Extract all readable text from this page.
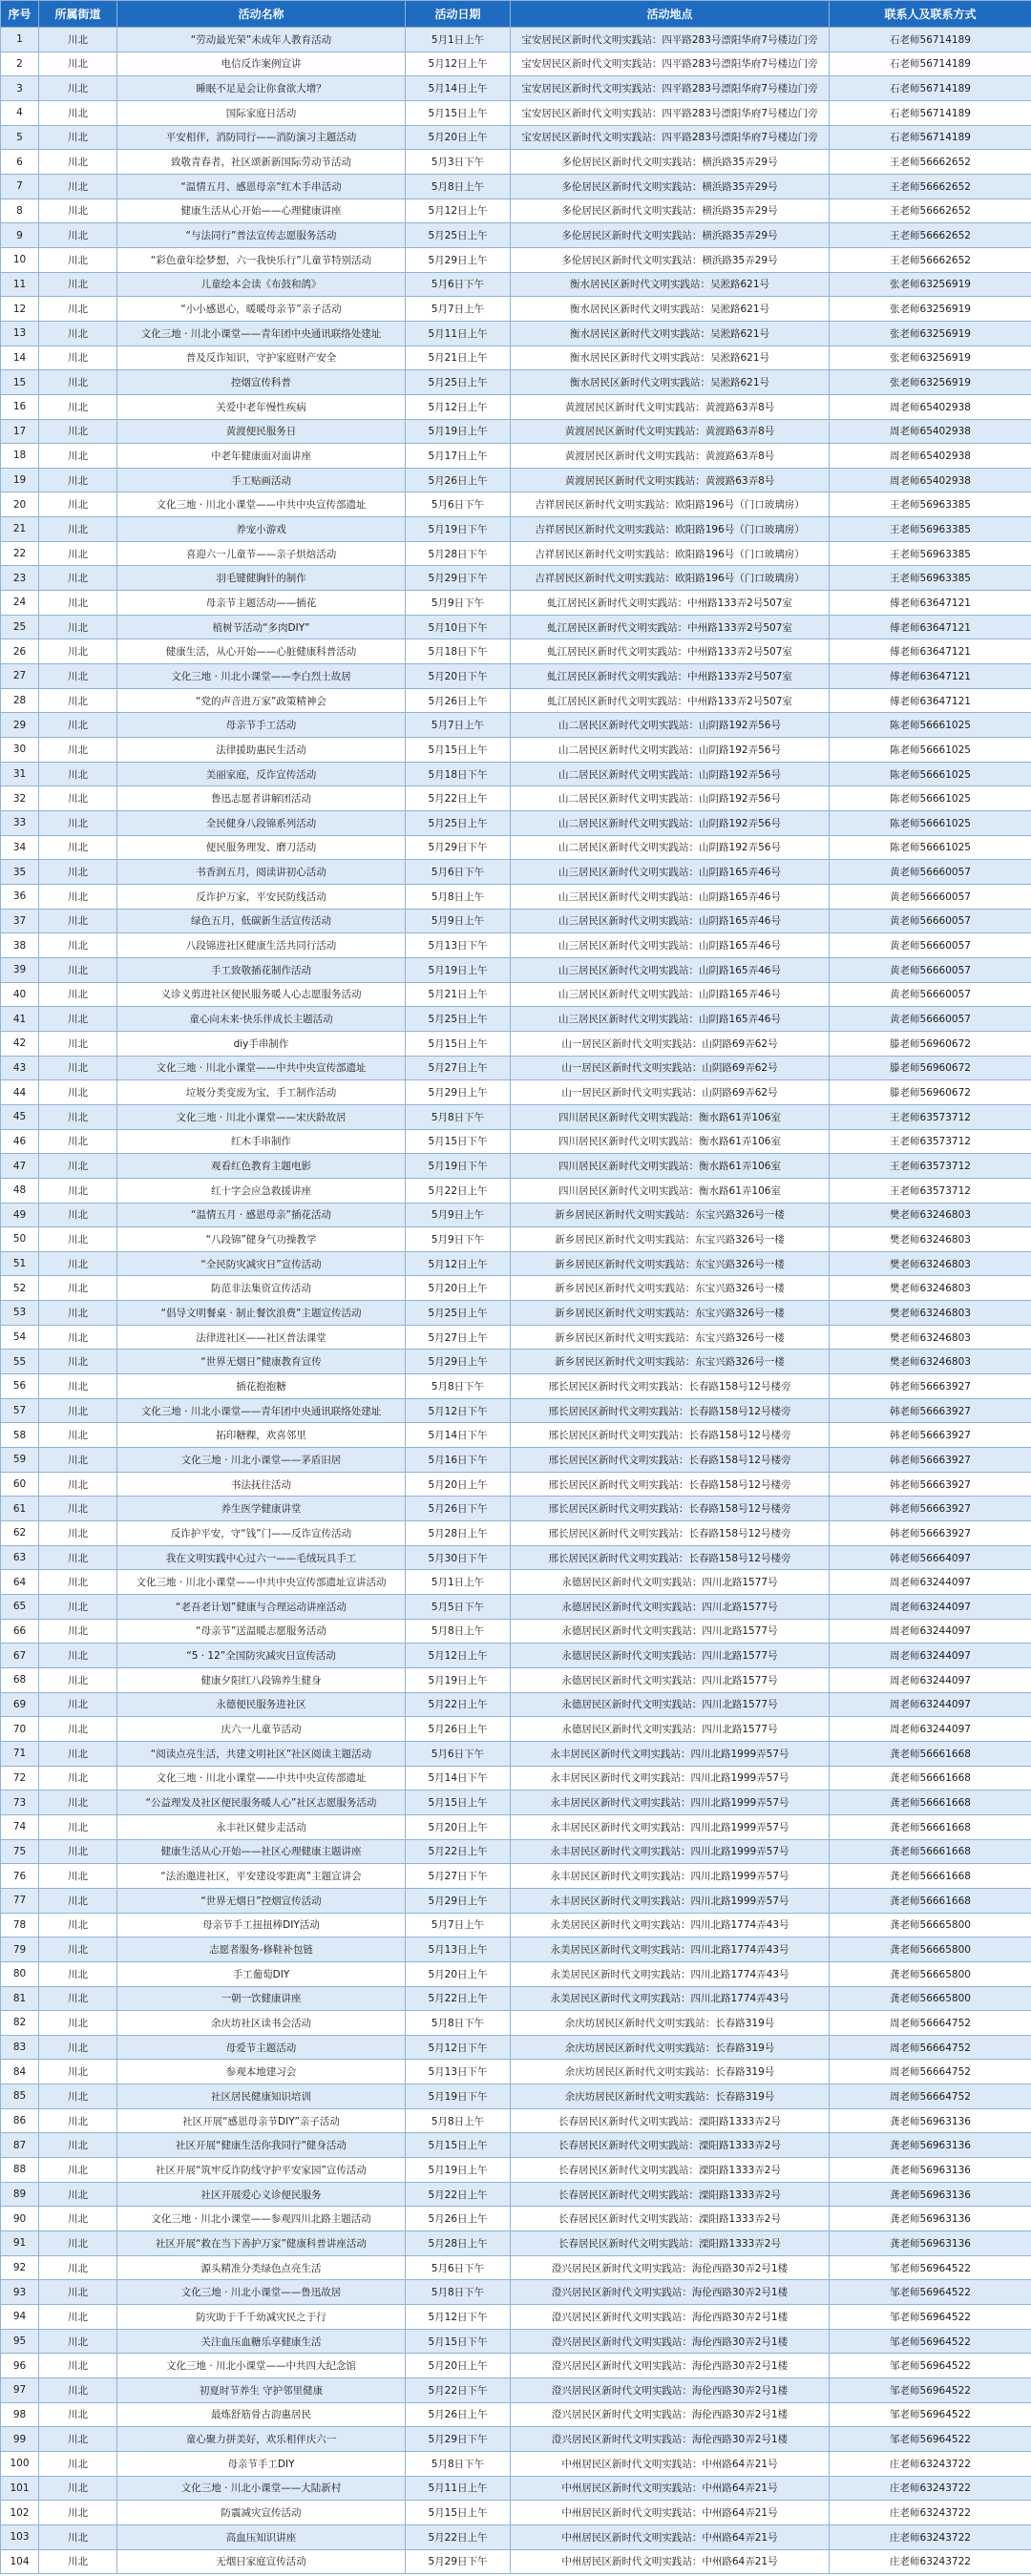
序号	所属街道	活动名称	活动日期	活动地点	联系人及联系方式
1	川北	“劳动最光荣”未成年人教育活动	5月1日上午	宝安居民区新时代文明实践站：四平路283号漂阳华府7号楼边门旁	石老师56714189
2	川北	电信反诈案例宣讲	5月12日上午	宝安居民区新时代文明实践站：四平路283号漂阳华府7号楼边门旁	石老师56714189
3	川北	睡眠不足是会让你食欲大增？	5月14日上午	宝安居民区新时代文明实践站：四平路283号漂阳华府7号楼边门旁	石老师56714189
4	川北	国际家庭日活动	5月15日上午	宝安居民区新时代文明实践站：四平路283号漂阳华府7号楼边门旁	石老师56714189
5	川北	平安相伴，消防同行——消防演习主题活动	5月20日上午	宝安居民区新时代文明实践站：四平路283号漂阳华府7号楼边门旁	石老师56714189
6	川北	致敬青春者，社区颂新新国际劳动节活动	5月3日下午	多伦居民区新时代文明实践站：横浜路35弄29号	王老师56662652
7	川北	“温情五月、感恩母亲”红木手串活动	5月8日上午	多伦居民区新时代文明实践站：横浜路35弄29号	王老师56662652
8	川北	健康生活从心开始——心理健康讲座	5月12日上午	多伦居民区新时代文明实践站：横浜路35弄29号	王老师56662652
9	川北	“与法同行”普法宣传志愿服务活动	5月25日上午	多伦居民区新时代文明实践站：横浜路35弄29号	王老师56662652
10	川北	“彩色童年绘梦想，六一我快乐行”儿童节特别活动	5月29日上午	多伦居民区新时代文明实践站：横浜路35弄29号	王老师56662652
11	川北	儿童绘本会读《布鼓和鸽》	5月6日下午	衡水居民区新时代文明实践站：吴淞路621号	张老师63256919
12	川北	“小小感恩心，暖暖母亲节”亲子活动	5月7日上午	衡水居民区新时代文明实践站：吴淞路621号	张老师63256919
13	川北	文化三地 · 川北小课堂——青年团中央通讯联络处建址	5月11日上午	衡水居民区新时代文明实践站：吴淞路621号	张老师63256919
14	川北	普及反诈知识，守护家庭财产安全	5月21日上午	衡水居民区新时代文明实践站：吴淞路621号	张老师63256919
15	川北	控烟宣传科普	5月25日上午	衡水居民区新时代文明实践站：吴淞路621号	张老师63256919
16	川北	关爱中老年慢性疾病	5月12日上午	黄渡居民区新时代文明实践站：黄渡路63弄8号	周老师65402938
17	川北	黄渡便民服务日	5月19日上午	黄渡居民区新时代文明实践站：黄渡路63弄8号	周老师65402938
18	川北	中老年健康面对面讲座	5月17日上午	黄渡居民区新时代文明实践站：黄渡路63弄8号	周老师65402938
19	川北	手工贴画活动	5月26日上午	黄渡居民区新时代文明实践站：黄渡路63弄8号	周老师65402938
20	川北	文化三地 · 川北小课堂——中共中央宣传部遗址	5月6日下午	吉祥居民区新时代文明实践站：欧阳路196号（门口玻璃房）	王老师56963385
21	川北	养宠小游戏	5月19日下午	吉祥居民区新时代文明实践站：欧阳路196号（门口玻璃房）	王老师56963385
22	川北	喜迎六一儿童节——亲子烘焙活动	5月28日下午	吉祥居民区新时代文明实践站：欧阳路196号（门口玻璃房）	王老师56963385
23	川北	羽毛键健胸针的制作	5月29日下午	吉祥居民区新时代文明实践站：欧阳路196号（门口玻璃房）	王老师56963385
24	川北	母亲节主题活动——插花	5月9日下午	虬江居民区新时代文明实践站：中州路133弄2号507室	傅老师63647121
25	川北	植树节活动“多肉DIY”	5月10日下午	虬江居民区新时代文明实践站：中州路133弄2号507室	傅老师63647121
26	川北	健康生活，从心开始——心脏健康科普活动	5月18日下午	虬江居民区新时代文明实践站：中州路133弄2号507室	傅老师63647121
27	川北	文化三地 · 川北小课堂——李白烈士故居	5月20日下午	虬江居民区新时代文明实践站：中州路133弄2号507室	傅老师63647121
28	川北	“党的声音进万家”政策精神会	5月26日上午	虬江居民区新时代文明实践站：中州路133弄2号507室	傅老师63647121
29	川北	母亲节手工活动	5月7日上午	山二居民区新时代文明实践站：山阴路192弄56号	陈老师56661025
30	川北	法律援助惠民生活动	5月15日上午	山二居民区新时代文明实践站：山阴路192弄56号	陈老师56661025
31	川北	美丽家庭，反诈宣传活动	5月18日下午	山二居民区新时代文明实践站：山阴路192弄56号	陈老师56661025
32	川北	鲁迅志愿者讲解团活动	5月22日上午	山二居民区新时代文明实践站：山阴路192弄56号	陈老师56661025
33	川北	全民健身八段锦系列活动	5月25日上午	山二居民区新时代文明实践站：山阴路192弄56号	陈老师56661025
34	川北	便民服务理发、磨刀活动	5月29日下午	山二居民区新时代文明实践站：山阴路192弄56号	陈老师56661025
35	川北	书香润五月，阅读讲初心活动	5月6日下午	山三居民区新时代文明实践站：山阴路165弄46号	黄老师56660057
36	川北	反诈护万家，平安民防线活动	5月8日上午	山三居民区新时代文明实践站：山阴路165弄46号	黄老师56660057
37	川北	绿色五月，低碳新生活宣传活动	5月9日上午	山三居民区新时代文明实践站：山阴路165弄46号	黄老师56660057
38	川北	八段锦进社区健康生活共同行活动	5月13日下午	山三居民区新时代文明实践站：山阴路165弄46号	黄老师56660057
39	川北	手工致敬插花制作活动	5月19日上午	山三居民区新时代文明实践站：山阴路165弄46号	黄老师56660057
40	川北	义诊义剪进社区便民服务暖人心志愿服务活动	5月21日上午	山三居民区新时代文明实践站：山阴路165弄46号	黄老师56660057
41	川北	童心向未来·快乐伴成长主题活动	5月25日上午	山三居民区新时代文明实践站：山阴路165弄46号	黄老师56660057
42	川北	diy手串制作	5月15日上午	山一居民区新时代文明实践站：山阴路69弄62号	滕老师56960672
43	川北	文化三地 · 川北小课堂——中共中央宣传部遗址	5月27日上午	山一居民区新时代文明实践站：山阴路69弄62号	滕老师56960672
44	川北	垃圾分类变废为宝，手工制作活动	5月29日上午	山一居民区新时代文明实践站：山阴路69弄62号	滕老师56960672
45	川北	文化三地 · 川北小课堂——宋庆龄故居	5月8日下午	四川居民区新时代文明实践站：衡水路61弄106室	王老师63573712
46	川北	红木手串制作	5月15日下午	四川居民区新时代文明实践站：衡水路61弄106室	王老师63573712
47	川北	观看红色教育主题电影	5月19日下午	四川居民区新时代文明实践站：衡水路61弄106室	王老师63573712
48	川北	红十字会应急救援讲座	5月22日上午	四川居民区新时代文明实践站：衡水路61弄106室	王老师63573712
49	川北	“温情五月 · 感恩母亲”插花活动	5月9日上午	新乡居民区新时代文明实践站：东宝兴路326号一楼	樊老师63246803
50	川北	“八段锦”健身气功操教学	5月9日下午	新乡居民区新时代文明实践站：东宝兴路326号一楼	樊老师63246803
51	川北	“全民防灾减灾日”宣传活动	5月12日上午	新乡居民区新时代文明实践站：东宝兴路326号一楼	樊老师63246803
52	川北	防范非法集资宣传活动	5月20日上午	新乡居民区新时代文明实践站：东宝兴路326号一楼	樊老师63246803
53	川北	“倡导文明餐桌 · 制止餐饮浪费”主题宣传活动	5月25日上午	新乡居民区新时代文明实践站：东宝兴路326号一楼	樊老师63246803
54	川北	法律进社区——社区普法课堂	5月27日上午	新乡居民区新时代文明实践站：东宝兴路326号一楼	樊老师63246803
55	川北	“世界无烟日”健康教育宣传	5月29日上午	新乡居民区新时代文明实践站：东宝兴路326号一楼	樊老师63246803
56	川北	插花抱抱糖	5月8日下午	邢长居民区新时代文明实践站：长春路158号12号楼旁	韩老师56663927
57	川北	文化三地 · 川北小课堂——青年团中央通讯联络处建址	5月12日下午	邢长居民区新时代文明实践站：长春路158号12号楼旁	韩老师56663927
58	川北	拓印糖粿，欢喜邻里	5月14日下午	邢长居民区新时代文明实践站：长春路158号12号楼旁	韩老师56663927
59	川北	文化三地 · 川北小课堂——茅盾旧居	5月16日下午	邢长居民区新时代文明实践站：长春路158号12号楼旁	韩老师56663927
60	川北	书法抚往活动	5月20日上午	邢长居民区新时代文明实践站：长春路158号12号楼旁	韩老师56663927
61	川北	养生医学健康讲堂	5月26日下午	邢长居民区新时代文明实践站：长春路158号12号楼旁	韩老师56663927
62	川北	反诈护平安，守“钱”门——反诈宣传活动	5月28日上午	邢长居民区新时代文明实践站：长春路158号12号楼旁	韩老师56663927
63	川北	我在文明实践中心过六一——毛绒玩具手工	5月30日下午	邢长居民区新时代文明实践站：长春路158号12号楼旁	韩老师56664097
64	川北	文化三地 · 川北小课堂——中共中央宣传部遗址宣讲活动	5月1日上午	永德居民区新时代文明实践站：四川北路1577号	周老师63244097
65	川北	“老吾老计划”健康与合理运动讲座活动	5月5日下午	永德居民区新时代文明实践站：四川北路1577号	周老师63244097
66	川北	“母亲节”送温暖志愿服务活动	5月8日上午	永德居民区新时代文明实践站：四川北路1577号	周老师63244097
67	川北	“5 · 12”全国防灾减灾日宣传活动	5月12日上午	永德居民区新时代文明实践站：四川北路1577号	周老师63244097
68	川北	健康夕阳红八段锦养生健身	5月19日上午	永德居民区新时代文明实践站：四川北路1577号	周老师63244097
69	川北	永德便民服务进社区	5月22日上午	永德居民区新时代文明实践站：四川北路1577号	周老师63244097
70	川北	庆六一儿童节活动	5月26日上午	永德居民区新时代文明实践站：四川北路1577号	周老师63244097
71	川北	“阅读点亮生活，共建文明社区”社区阅读主题活动	5月6日下午	永丰居民区新时代文明实践站：四川北路1999弄57号	龚老师56661668
72	川北	文化三地 · 川北小课堂——中共中央宣传部遗址	5月14日下午	永丰居民区新时代文明实践站：四川北路1999弄57号	龚老师56661668
73	川北	“公益理发及社区便民服务暖人心”社区志愿服务活动	5月15日上午	永丰居民区新时代文明实践站：四川北路1999弄57号	龚老师56661668
74	川北	永丰社区健步走活动	5月20日上午	永丰居民区新时代文明实践站：四川北路1999弄57号	龚老师56661668
75	川北	健康生活从心开始——社区心理健康主题讲座	5月22日上午	永丰居民区新时代文明实践站：四川北路1999弄57号	龚老师56661668
76	川北	“法治邀进社区，平安建设零距离”主题宣讲会	5月27日下午	永丰居民区新时代文明实践站：四川北路1999弄57号	龚老师56661668
77	川北	“世界无烟日”控烟宣传活动	5月29日上午	永丰居民区新时代文明实践站：四川北路1999弄57号	龚老师56661668
78	川北	母亲节手工扭扭棒DIY活动	5月7日上午	永美居民区新时代文明实践站：四川北路1774弄43号	龚老师56665800
79	川北	志愿者服务-修鞋补包链	5月13日上午	永美居民区新时代文明实践站：四川北路1774弄43号	龚老师56665800
80	川北	手工葡萄DIY	5月20日上午	永美居民区新时代文明实践站：四川北路1774弄43号	龚老师56665800
81	川北	一朝一饮健康讲座	5月22日上午	永美居民区新时代文明实践站：四川北路1774弄43号	龚老师56665800
82	川北	余庆坊社区读书会活动	5月8日下午	余庆坊居民区新时代文明实践站：长春路319号	周老师56664752
83	川北	母爱节主题活动	5月12日下午	余庆坊居民区新时代文明实践站：长春路319号	周老师56664752
84	川北	参观本地建习会	5月13日下午	余庆坊居民区新时代文明实践站：长春路319号	周老师56664752
85	川北	社区居民健康知识培训	5月19日下午	余庆坊居民区新时代文明实践站：长春路319号	周老师56664752
86	川北	社区开展“感恩母亲节DIY”亲子活动	5月8日上午	长春居民区新时代文明实践站：溧阳路1333弄2号	龚老师56963136
87	川北	社区开展“健康生活你我同行”健身活动	5月15日上午	长春居民区新时代文明实践站：溧阳路1333弄2号	龚老师56963136
88	川北	社区开展“筑牢反诈防线守护平安家园”宣传活动	5月19日上午	长春居民区新时代文明实践站：溧阳路1333弄2号	龚老师56963136
89	川北	社区开展爱心义诊便民服务	5月22日上午	长春居民区新时代文明实践站：溧阳路1333弄2号	龚老师56963136
90	川北	文化三地 · 川北小课堂——参观四川北路主题活动	5月26日上午	长春居民区新时代文明实践站：溧阳路1333弄2号	龚老师56963136
91	川北	社区开展“救在当下善护万家”健康科普讲座活动	5月28日上午	长春居民区新时代文明实践站：溧阳路1333弄2号	龚老师56963136
92	川北	源头精准分类绿色点亮生活	5月6日下午	澄兴居民区新时代文明实践站：海伦西路30弄2号1楼	邹老师56964522
93	川北	文化三地 · 川北小课堂——鲁迅故居	5月8日下午	澄兴居民区新时代文明实践站：海伦西路30弄2号1楼	邹老师56964522
94	川北	防灾助于千千幼减灾民之于行	5月12日下午	澄兴居民区新时代文明实践站：海伦西路30弄2号1楼	邹老师56964522
95	川北	关注血压血糖乐享健康生活	5月15日下午	澄兴居民区新时代文明实践站：海伦西路30弄2号1楼	邹老师56964522
96	川北	文化三地 · 川北小课堂——中共四大纪念馆	5月20日上午	澄兴居民区新时代文明实践站：海伦西路30弄2号1楼	邹老师56964522
97	川北	初夏时节养生 守护邻里健康	5月22日下午	澄兴居民区新时代文明实践站：海伦西路30弄2号1楼	邹老师56964522
98	川北	最炼舒筋骨古韵惠居民	5月26日上午	澄兴居民区新时代文明实践站：海伦西路30弄2号1楼	邹老师56964522
99	川北	童心聚力拼美好，欢乐相伴庆六一	5月29日下午	澄兴居民区新时代文明实践站：海伦西路30弄2号1楼	邹老师56964522
100	川北	母亲节手工DIY	5月8日下午	中州居民区新时代文明实践站：中州路64弄21号	庄老师63243722
101	川北	文化三地 · 川北小课堂——大陆新村	5月11日上午	中州居民区新时代文明实践站：中州路64弄21号	庄老师63243722
102	川北	防震减灾宣传活动	5月15日上午	中州居民区新时代文明实践站：中州路64弄21号	庄老师63243722
103	川北	高血压知识讲座	5月22日上午	中州居民区新时代文明实践站：中州路64弄21号	庄老师63243722
104	川北	无烟日家庭宣传活动	5月29日下午	中州居民区新时代文明实践站：中州路64弄21号	庄老师63243722
